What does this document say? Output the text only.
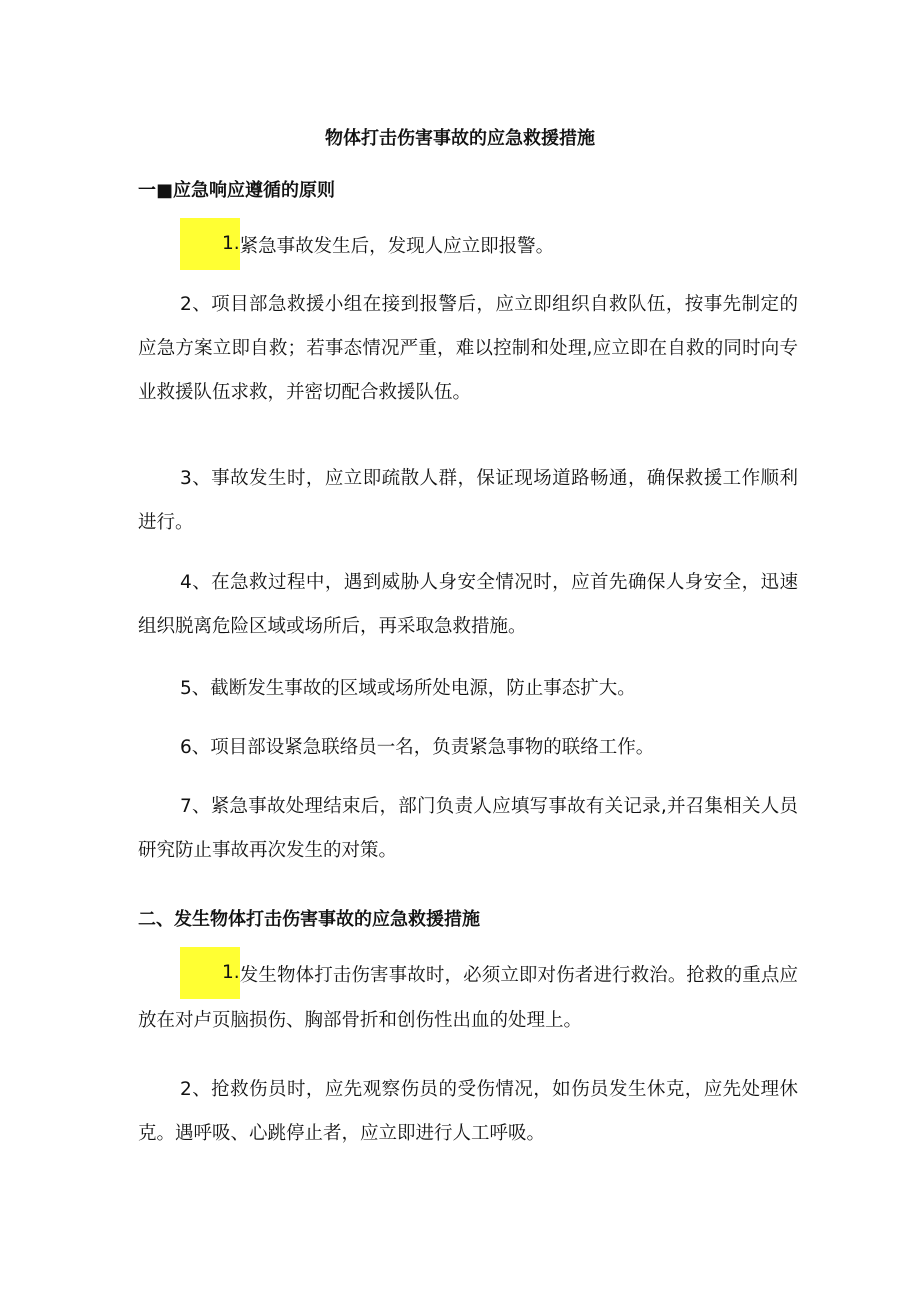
物体打击伤害事故的应急救援措施
一■应急响应遵循的原则

1.紧急事故发生后，发现人应立即报警。

2、项目部急救援小组在接到报警后，应立即组织自救队伍，按事先制定的应急方案立即自救；若事态情况严重，难以控制和处理,应立即在自救的同时向专业救援队伍求救，并密切配合救援队伍。

3、事故发生时，应立即疏散人群，保证现场道路畅通，确保救援工作顺利进行。

4、在急救过程中，遇到威胁人身安全情况时，应首先确保人身安全，迅速组织脱离危险区域或场所后，再采取急救措施。

5、截断发生事故的区域或场所处电源，防止事态扩大。

6、项目部设紧急联络员一名，负责紧急事物的联络工作。

7、紧急事故处理结束后，部门负责人应填写事故有关记录,并召集相关人员研究防止事故再次发生的对策。

二、发生物体打击伤害事故的应急救援措施

1.发生物体打击伤害事故时，必须立即对伤者进行救治。抢救的重点应放在对卢页脑损伤、胸部骨折和创伤性出血的处理上。

2、抢救伤员时，应先观察伤员的受伤情况，如伤员发生休克，应先处理休克。遇呼吸、心跳停止者，应立即进行人工呼吸。
